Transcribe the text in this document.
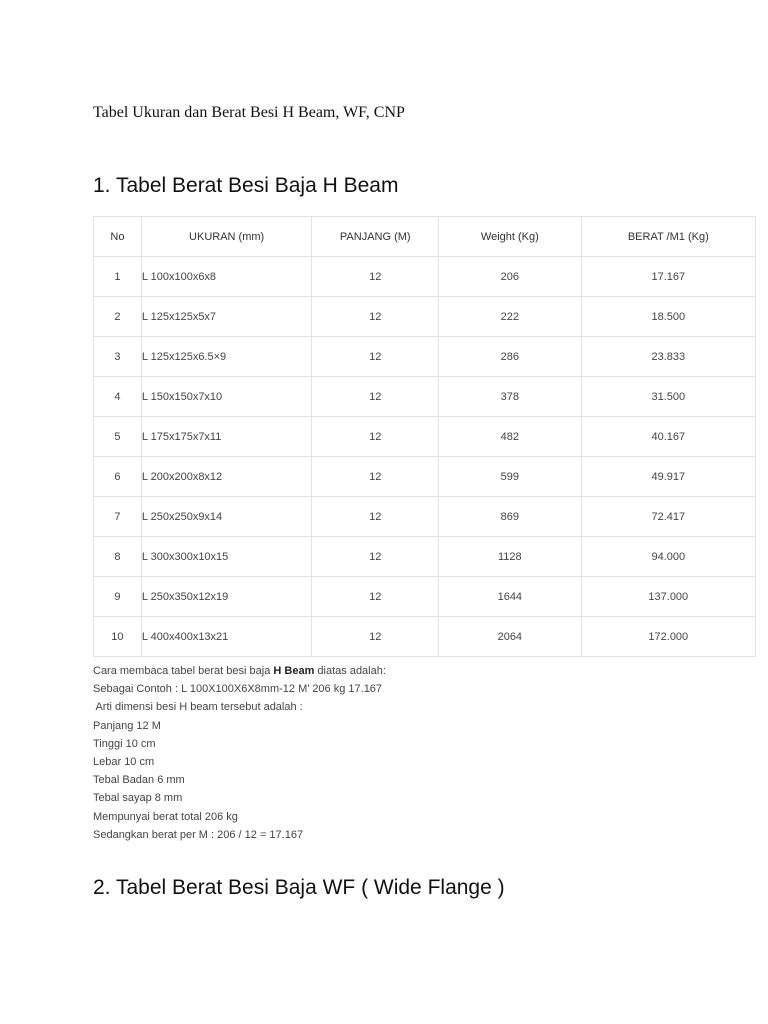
Tabel Ukuran dan Berat Besi H Beam, WF, CNP
1. Tabel Berat Besi Baja H Beam
No	UKURAN (mm)	PANJANG (M)	Weight (Kg)	BERAT /M1 (Kg)
1	L 100x100x6x8	12	206	17.167
2	L 125x125x5x7	12	222	18.500
3	L 125x125x6.5×9	12	286	23.833
4	L 150x150x7x10	12	378	31.500
5	L 175x175x7x11	12	482	40.167
6	L 200x200x8x12	12	599	49.917
7	L 250x250x9x14	12	869	72.417
8	L 300x300x10x15	12	1128	94.000
9	L 250x350x12x19	12	1644	137.000
10	L 400x400x13x21	12	2064	172.000
Cara membaca tabel berat besi baja H Beam diatas adalah:
Sebagai Contoh : L 100X100X6X8mm-12 M’ 206 kg 17.167
Arti dimensi besi H beam tersebut adalah :
Panjang 12 M
Tinggi 10 cm
Lebar 10 cm
Tebal Badan 6 mm
Tebal sayap 8 mm
Mempunyai berat total 206 kg
Sedangkan berat per M : 206 / 12 = 17.167
2. Tabel Berat Besi Baja WF ( Wide Flange )
